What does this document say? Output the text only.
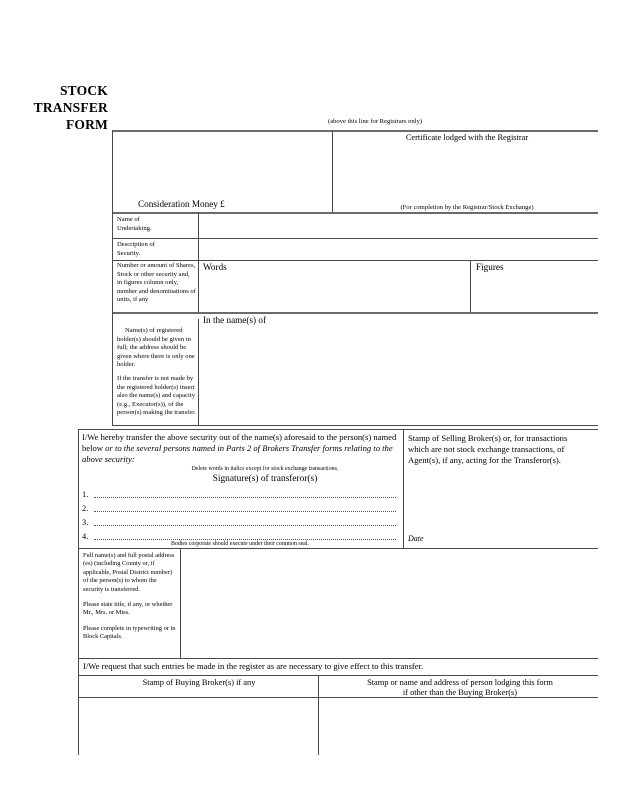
STOCK
TRANSFER
FORM	(above this line for Registrars only)
Certificate lodged with the Registrar
Consideration Money £	(For completion by the Registrar/Stock Exchange)
Name of
Undertaking.
Description of
Security.
Number or amount of Shares, Stock or other security and, in figures column only, number and denominations of units, if any
Words	Figures
In the name(s) of
Name(s) of registered holder(s) should be given in full; the address should be given where there is only one holder.
If the transfer is not made by the registered holder(s) insert also the name(s) and capacity (e.g., Executor(s)), of the person(s) making the transfer.
I/We hereby transfer the above security out of the name(s) aforesaid to the person(s) named below or to the several persons named in Parts 2 of Brokers Transfer forms relating to the above security:
Delete words in italics except for stock exchange transactions.
Signature(s) of transferor(s)
1.
2.
3.
4.
Bodies corporate should execute under their common seal.
Stamp of Selling Broker(s) or, for transactions which are not stock exchange transactions, of Agent(s), if any, acting for the Transferor(s).
Date

Full name(s) and full postal address (es) (including County or, if applicable, Postal District number) of the person(s) to whom the security is transferred.

Please state title, if any, or whether Mr., Mrs. or Miss.

Please complete in typewriting or in Block Capitals.

I/We request that such entries be made in the register as are necessary to give effect to this transfer.
Stamp of Buying Broker(s) if any	Stamp or name and address of person lodging this form
if other than the Buying Broker(s)
